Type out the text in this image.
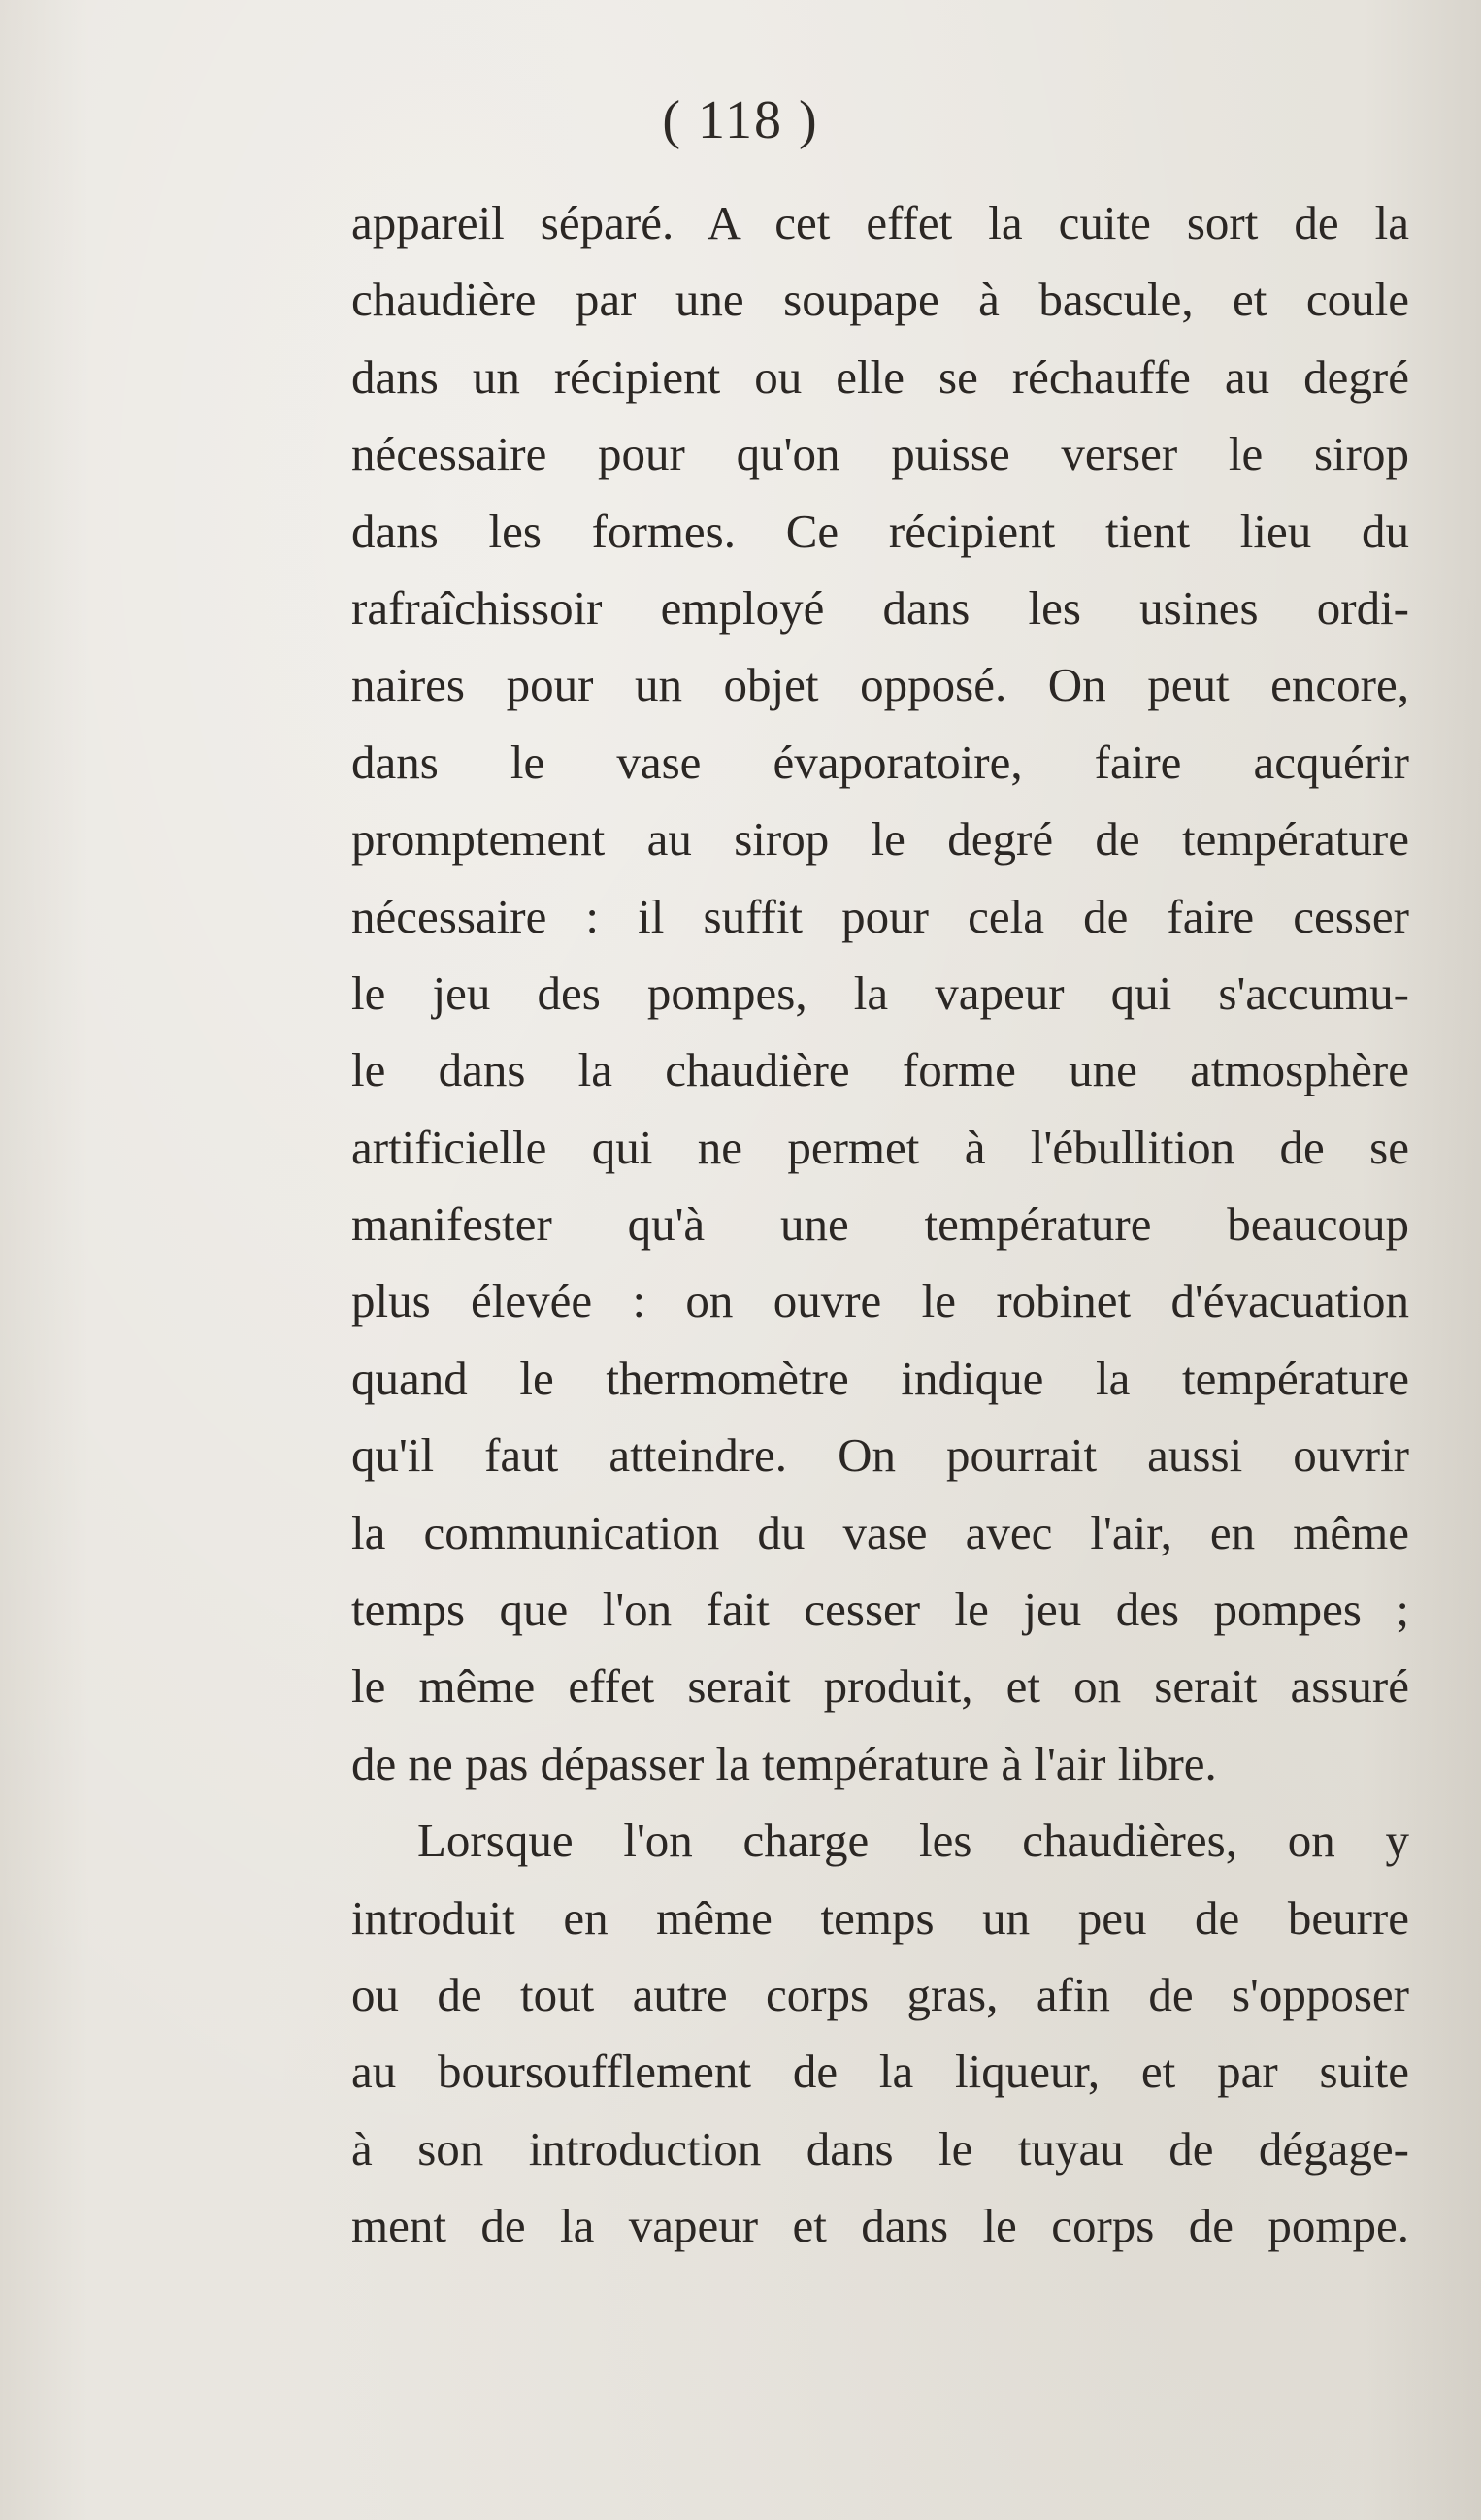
( 118 )
appareil séparé. A cet effet la cuite sort de la
chaudière par une soupape à bascule, et coule
dans un récipient ou elle se réchauffe au degré
nécessaire pour qu'on puisse verser le sirop
dans les formes. Ce récipient tient lieu du
rafraîchissoir employé dans les usines ordi-
naires pour un objet opposé. On peut encore,
dans le vase évaporatoire, faire acquérir
promptement au sirop le degré de température
nécessaire : il suffit pour cela de faire cesser
le jeu des pompes, la vapeur qui s'accumu-
le dans la chaudière forme une atmosphère
artificielle qui ne permet à l'ébullition de se
manifester qu'à une température beaucoup
plus élevée : on ouvre le robinet d'évacuation
quand le thermomètre indique la température
qu'il faut atteindre. On pourrait aussi ouvrir
la communication du vase avec l'air, en même
temps que l'on fait cesser le jeu des pompes ;
le même effet serait produit, et on serait assuré
de ne pas dépasser la température à l'air libre.
Lorsque l'on charge les chaudières, on y
introduit en même temps un peu de beurre
ou de tout autre corps gras, afin de s'opposer
au boursoufflement de la liqueur, et par suite
à son introduction dans le tuyau de dégage-
ment de la vapeur et dans le corps de pompe.
